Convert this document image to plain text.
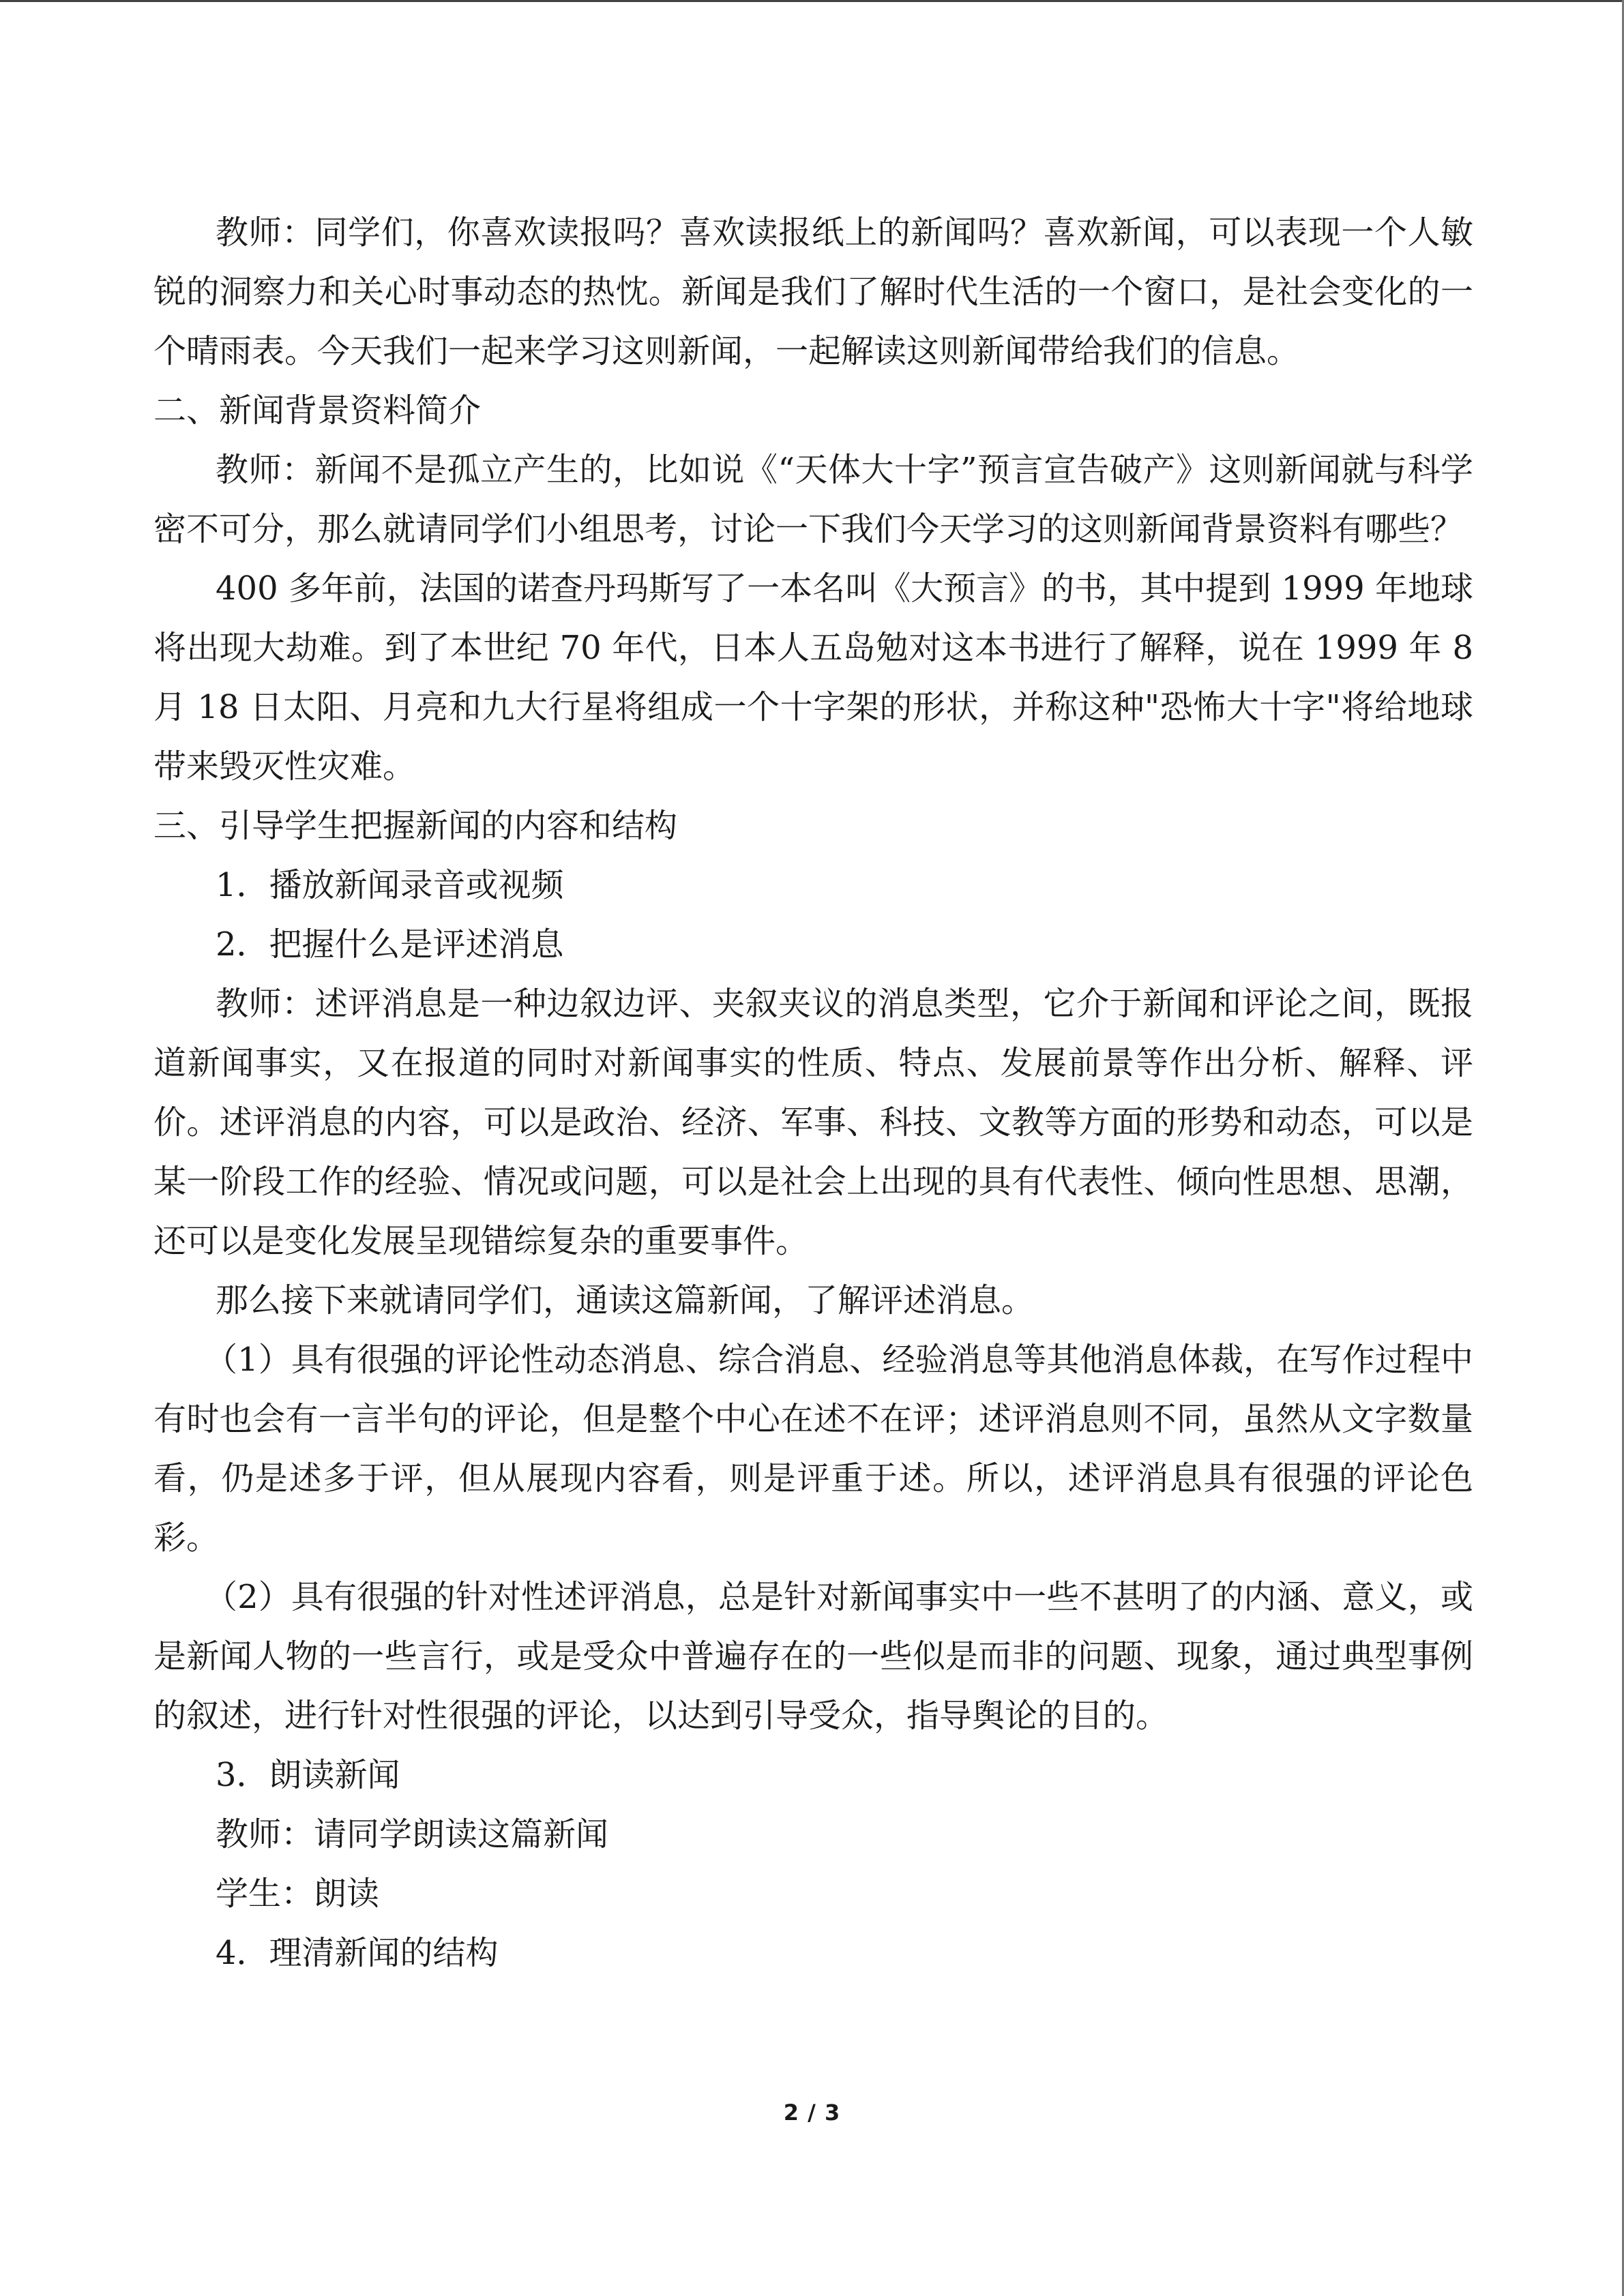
教师：同学们，你喜欢读报吗？喜欢读报纸上的新闻吗？喜欢新闻，可以表现一个人敏锐的洞察力和关心时事动态的热忱。新闻是我们了解时代生活的一个窗口，是社会变化的一个晴雨表。今天我们一起来学习这则新闻，一起解读这则新闻带给我们的信息。

二、新闻背景资料简介

教师：新闻不是孤立产生的，比如说《“天体大十字”预言宣告破产》这则新闻就与科学密不可分，那么就请同学们小组思考，讨论一下我们今天学习的这则新闻背景资料有哪些？

400 多年前，法国的诺查丹玛斯写了一本名叫《大预言》的书，其中提到 1999 年地球将出现大劫难。到了本世纪 70 年代，日本人五岛勉对这本书进行了解释，说在 1999 年 8 月 18 日太阳、月亮和九大行星将组成一个十字架的形状，并称这种"恐怖大十字"将给地球带来毁灭性灾难。

三、引导学生把握新闻的内容和结构

1．播放新闻录音或视频

2．把握什么是评述消息

教师：述评消息是一种边叙边评、夹叙夹议的消息类型，它介于新闻和评论之间，既报道新闻事实，又在报道的同时对新闻事实的性质、特点、发展前景等作出分析、解释、评价。述评消息的内容，可以是政治、经济、军事、科技、文教等方面的形势和动态，可以是某一阶段工作的经验、情况或问题，可以是社会上出现的具有代表性、倾向性思想、思潮，还可以是变化发展呈现错综复杂的重要事件。

那么接下来就请同学们，通读这篇新闻，了解评述消息。

（1）具有很强的评论性动态消息、综合消息、经验消息等其他消息体裁，在写作过程中有时也会有一言半句的评论，但是整个中心在述不在评；述评消息则不同，虽然从文字数量看，仍是述多于评，但从展现内容看，则是评重于述。所以，述评消息具有很强的评论色彩。

（2）具有很强的针对性述评消息，总是针对新闻事实中一些不甚明了的内涵、意义，或是新闻人物的一些言行，或是受众中普遍存在的一些似是而非的问题、现象，通过典型事例的叙述，进行针对性很强的评论，以达到引导受众，指导舆论的目的。

3．朗读新闻

教师：请同学朗读这篇新闻

学生：朗读

4．理清新闻的结构

2 / 3
